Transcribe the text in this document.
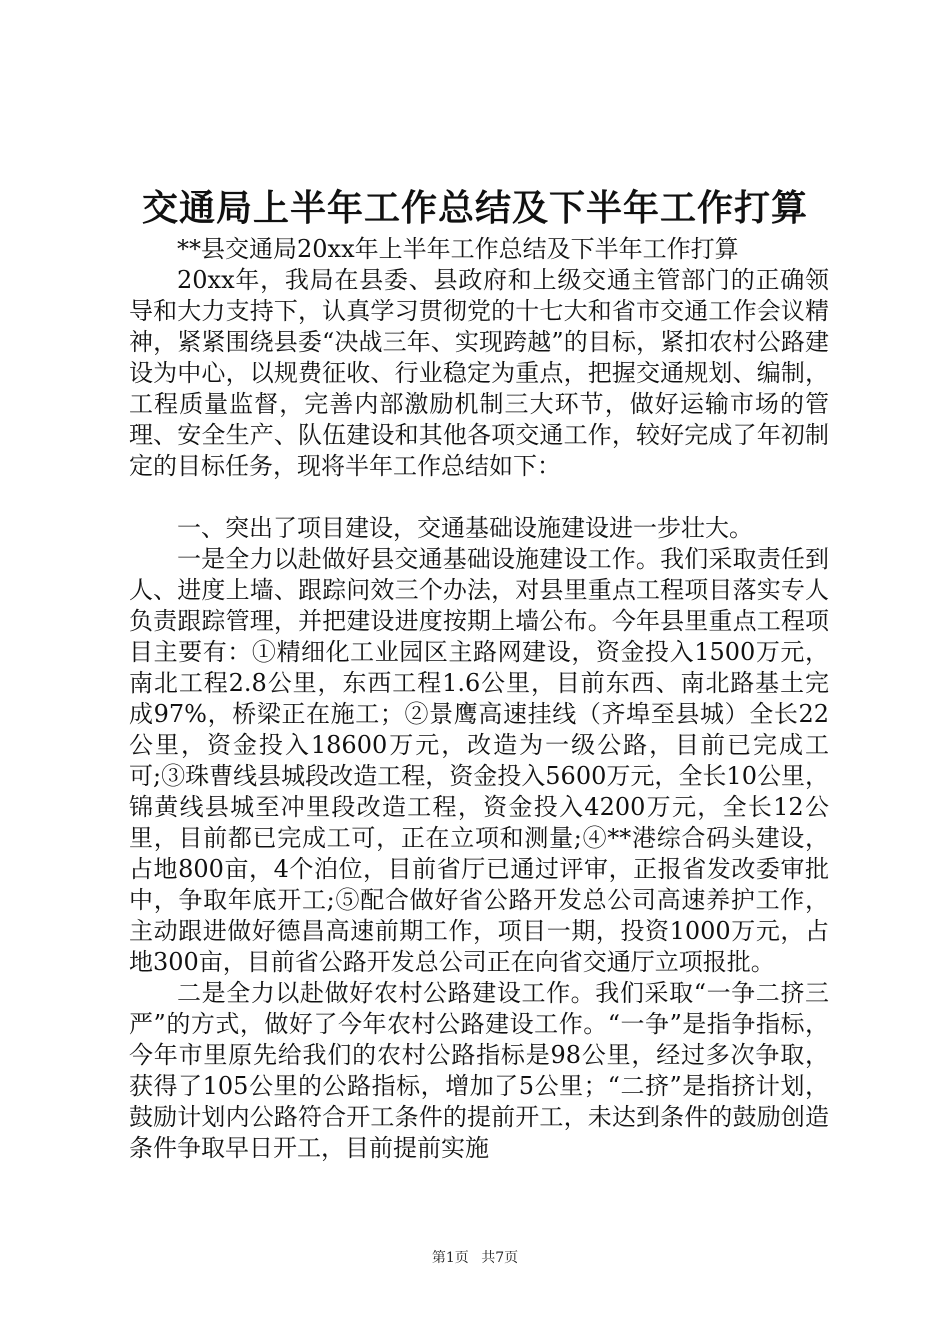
交通局上半年工作总结及下半年工作打算

**县交通局20xx年上半年工作总结及下半年工作打算

20xx年，我局在县委、县政府和上级交通主管部门的正确领导和大力支持下，认真学习贯彻党的十七大和省市交通工作会议精神，紧紧围绕县委“决战三年、实现跨越”的目标，紧扣农村公路建设为中心，以规费征收、行业稳定为重点，把握交通规划、编制，工程质量监督，完善内部激励机制三大环节，做好运输市场的管理、安全生产、队伍建设和其他各项交通工作，较好完成了年初制定的目标任务，现将半年工作总结如下：

一、突出了项目建设，交通基础设施建设进一步壮大。

一是全力以赴做好县交通基础设施建设工作。我们采取责任到人、进度上墙、跟踪问效三个办法，对县里重点工程项目落实专人负责跟踪管理，并把建设进度按期上墙公布。今年县里重点工程项目主要有：①精细化工业园区主路网建设，资金投入1500万元，南北工程2.8公里，东西工程1.6公里，目前东西、南北路基土完成97%，桥梁正在施工；②景鹰高速挂线（齐埠至县城）全长22公里，资金投入18600万元，改造为一级公路，目前已完成工可;③珠曹线县城段改造工程，资金投入5600万元，全长10公里，锦黄线县城至冲里段改造工程，资金投入4200万元，全长12公里，目前都已完成工可，正在立项和测量;④**港综合码头建设，占地800亩，4个泊位，目前省厅已通过评审，正报省发改委审批中，争取年底开工;⑤配合做好省公路开发总公司高速养护工作，主动跟进做好德昌高速前期工作，项目一期，投资1000万元，占地300亩，目前省公路开发总公司正在向省交通厅立项报批。

二是全力以赴做好农村公路建设工作。我们采取“一争二挤三严”的方式，做好了今年农村公路建设工作。“一争”是指争指标，今年市里原先给我们的农村公路指标是98公里，经过多次争取，获得了105公里的公路指标，增加了5公里；“二挤”是指挤计划，鼓励计划内公路符合开工条件的提前开工，未达到条件的鼓励创造条件争取早日开工，目前提前实施

第1页 共7页
